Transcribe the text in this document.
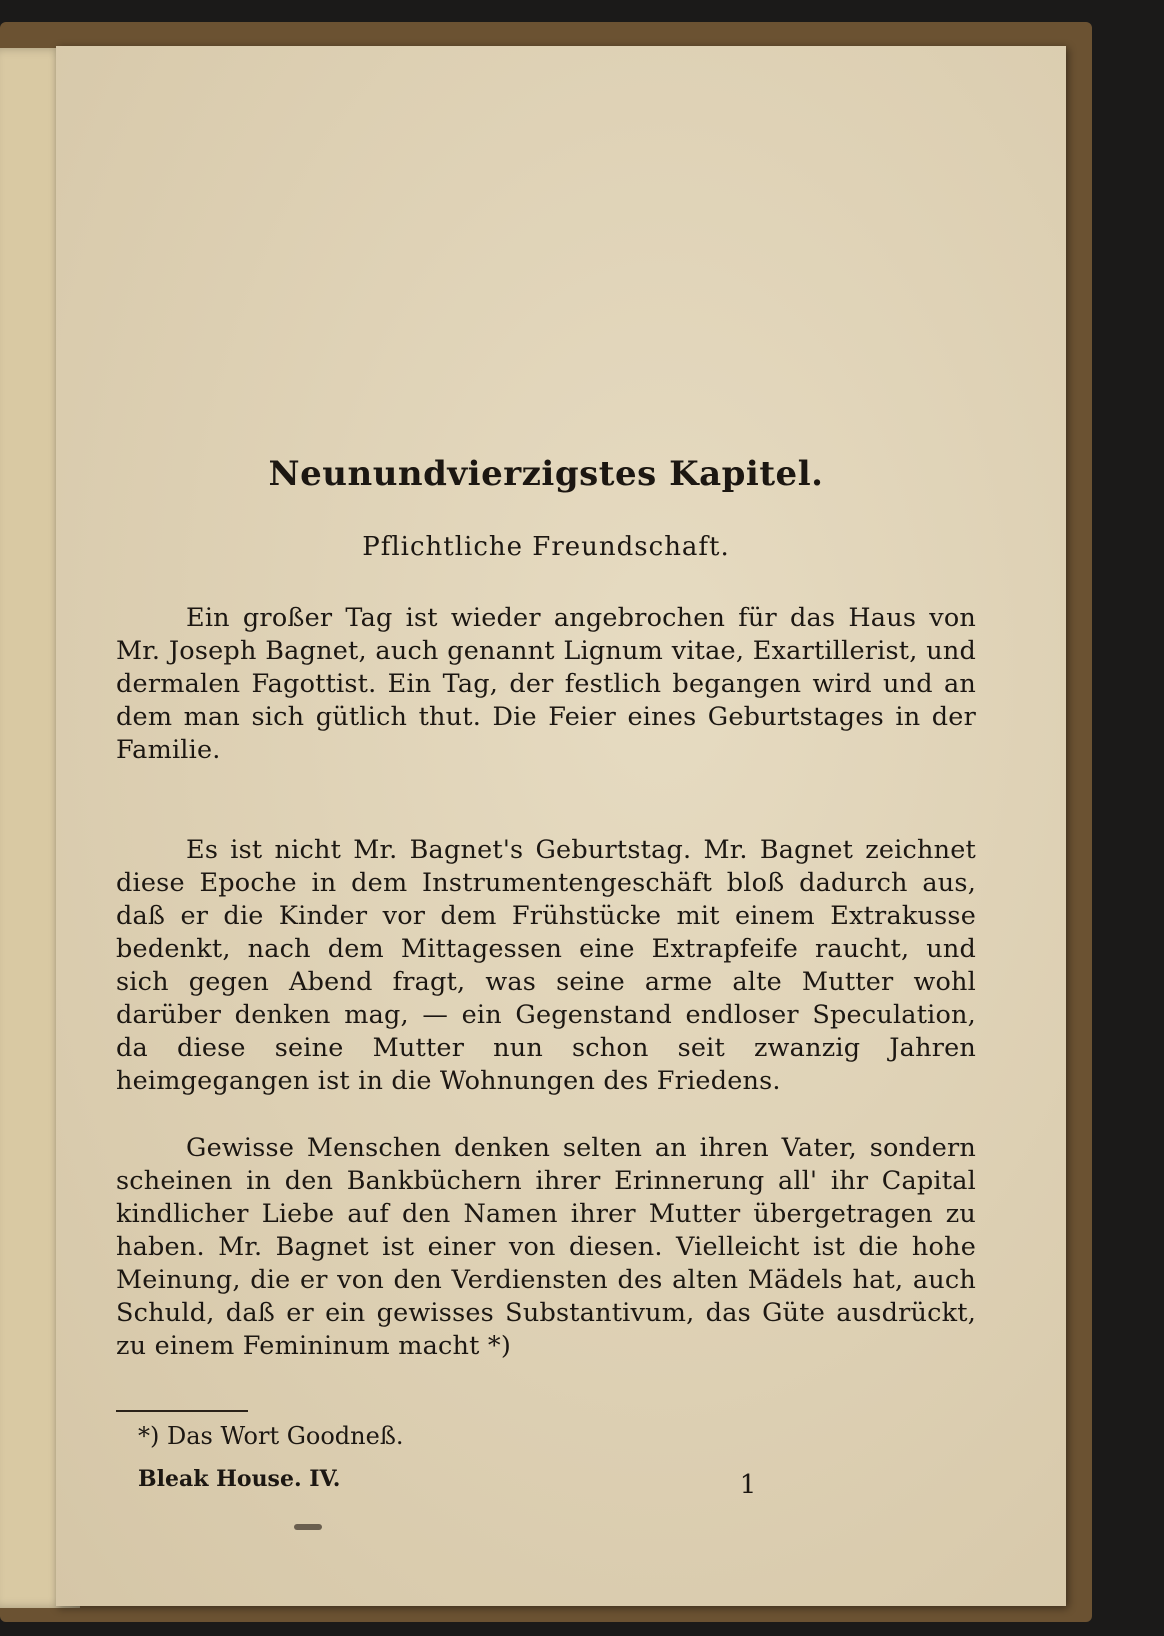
Neunundvierzigstes Kapitel.
Pflichtliche Freundschaft.
Ein großer Tag ist wieder angebrochen für das Haus von Mr. Joseph Bagnet, auch genannt Lignum vitae, Exartillerist, und dermalen Fagottist. Ein Tag, der festlich begangen wird und an dem man sich gütlich thut. Die Feier eines Geburtstages in der Familie.
Es ist nicht Mr. Bagnet's Geburtstag. Mr. Bagnet zeichnet diese Epoche in dem Instrumentengeschäft bloß dadurch aus, daß er die Kinder vor dem Frühstücke mit einem Extrakusse bedenkt, nach dem Mittagessen eine Extrapfeife raucht, und sich gegen Abend fragt, was seine arme alte Mutter wohl darüber denken mag, — ein Gegenstand endloser Speculation, da diese seine Mutter nun schon seit zwanzig Jahren heimgegangen ist in die Wohnungen des Friedens.
Gewisse Menschen denken selten an ihren Vater, sondern scheinen in den Bankbüchern ihrer Erinnerung all' ihr Capital kindlicher Liebe auf den Namen ihrer Mutter übergetragen zu haben. Mr. Bagnet ist einer von diesen. Vielleicht ist die hohe Meinung, die er von den Verdiensten des alten Mädels hat, auch Schuld, daß er ein gewisses Substantivum, das Güte ausdrückt, zu einem Femininum macht *)
*) Das Wort Goodneß.
Bleak House. IV.	1
